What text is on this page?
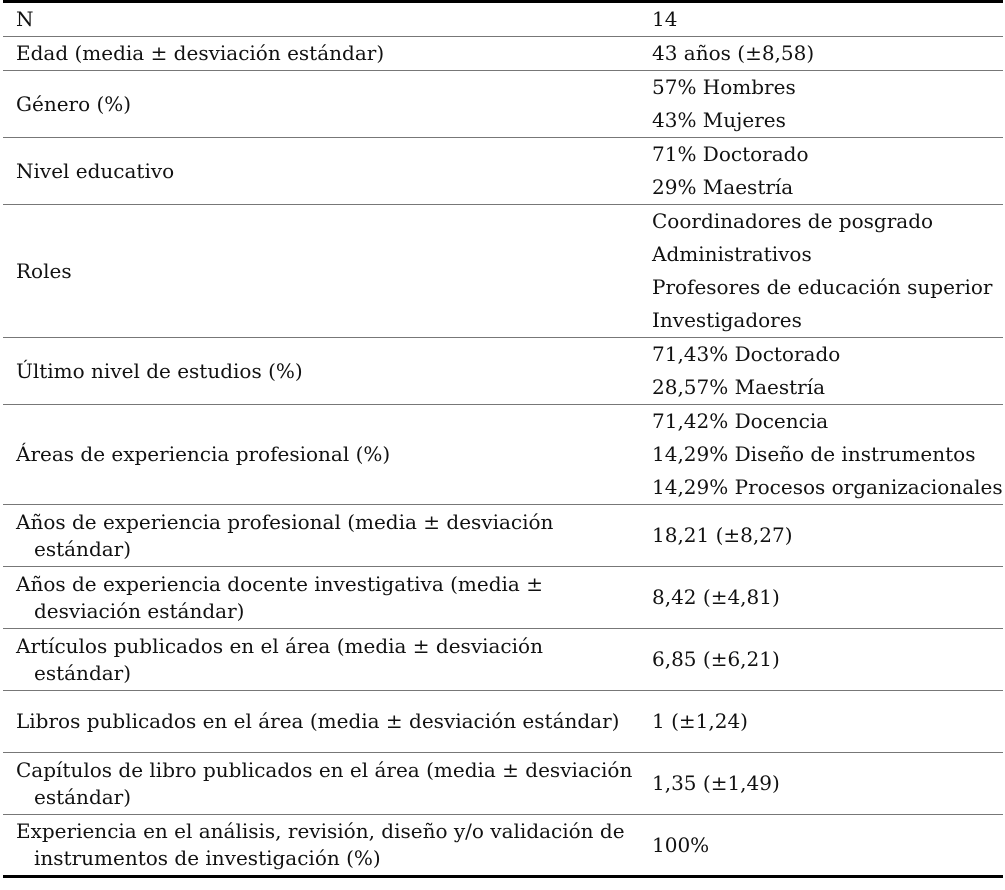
N	14

Edad (media ± desviación estándar)	43 años (±8,58)

Género (%)	57% Hombres
43% Mujeres

Nivel educativo	71% Doctorado
29% Maestría

Roles	Coordinadores de posgrado
Administrativos
Profesores de educación superior
Investigadores

Último nivel de estudios (%)	71,43% Doctorado
28,57% Maestría

Áreas de experiencia profesional (%)	71,42% Docencia
14,29% Diseño de instrumentos
14,29% Procesos organizacionales

Años de experiencia profesional (media ± desviación estándar)	18,21 (±8,27)

Años de experiencia docente investigativa (media ± desviación estándar)	8,42 (±4,81)

Artículos publicados en el área (media ± desviación estándar)	6,85 (±6,21)

Libros publicados en el área (media ± desviación estándar)	1 (±1,24)

Capítulos de libro publicados en el área (media ± desviación estándar)	1,35 (±1,49)

Experiencia en el análisis, revisión, diseño y/o validación de instrumentos de investigación (%)	100%
